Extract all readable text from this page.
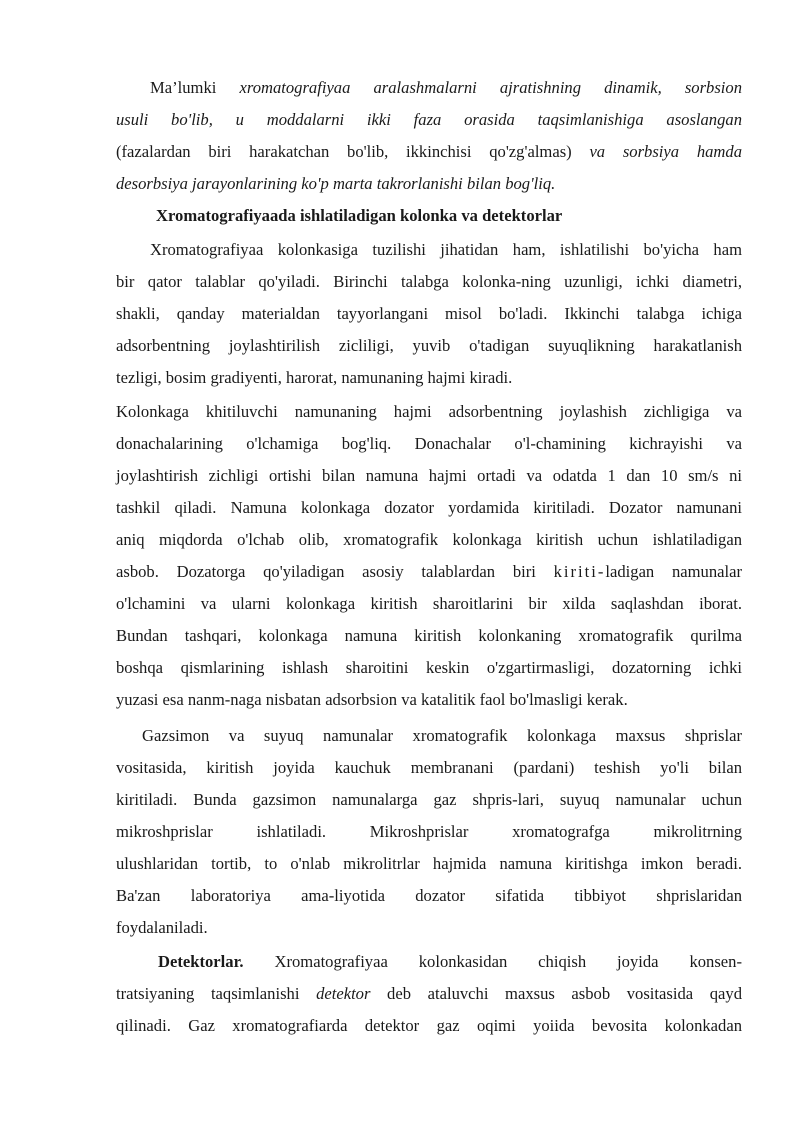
Ma’lumki xromatografiyaa aralashmalarni ajratishning dinamik, sorbsion
usuli bo'lib, u moddalarni ikki faza orasida taqsimlanishiga asoslangan
(fazalardan biri harakatchan bo'lib, ikkinchisi qo'zg'almas) va sorbsiya hamda
desorbsiya jarayonlarining ko'p marta takrorlanishi bilan bog'liq.
Xromatografiyaada ishlatiladigan kolonka va detektorlar
Xromatografiyaa kolonkasiga tuzilishi jihatidan ham, ishlatilishi bo'yicha ham
bir qator talablar qo'yiladi. Birinchi talabga kolonka-ning uzunligi, ichki diametri,
shakli, qanday materialdan tayyorlangani misol bo'ladi. Ikkinchi talabga ichiga
adsorbentning joylashtirilish zicliligi, yuvib o'tadigan suyuqlikning harakatlanish
tezligi, bosim gradiyenti, harorat, namunaning hajmi kiradi.
Kolonkaga khitiluvchi namunaning hajmi adsorbentning joylashish zichligiga va
donachalarining o'lchamiga bog'liq. Donachalar o'l-chamining kichrayishi va
joylashtirish zichligi ortishi bilan namuna hajmi ortadi va odatda 1 dan 10 sm/s ni
tashkil qiladi. Namuna kolonkaga dozator yordamida kiritiladi. Dozator namunani
aniq miqdorda o'lchab olib, xromatografik kolonkaga kiritish uchun ishlatiladigan
asbob. Dozatorga qo'yiladigan asosiy talablardan biri kiriti-ladigan namunalar
o'lchamini va ularni kolonkaga kiritish sharoitlarini bir xilda saqlashdan iborat.
Bundan tashqari, kolonkaga namuna kiritish kolonkaning xromatografik qurilma
boshqa qismlarining ishlash sharoitini keskin o'zgartirmasligi, dozatorning ichki
yuzasi esa nanm-naga nisbatan adsorbsion va katalitik faol bo'lmasligi kerak.
Gazsimon va suyuq namunalar xromatografik kolonkaga maxsus shprislar
vositasida, kiritish joyida kauchuk membranani (pardani) teshish yo'li bilan
kiritiladi. Bunda gazsimon namunalarga gaz shpris-lari, suyuq namunalar uchun
mikroshprislar ishlatiladi. Mikroshprislar xromatografga mikrolitrning
ulushlaridan tortib, to o'nlab mikrolitrlar hajmida namuna kiritishga imkon beradi.
Ba'zan laboratoriya ama-liyotida dozator sifatida tibbiyot shprislaridan
foydalaniladi.
Detektorlar. Xromatografiyaa kolonkasidan chiqish joyida konsen-
tratsiyaning taqsimlanishi detektor deb ataluvchi maxsus asbob vositasida qayd
qilinadi. Gaz xromatografiarda detektor gaz oqimi yoiida bevosita kolonkadan
